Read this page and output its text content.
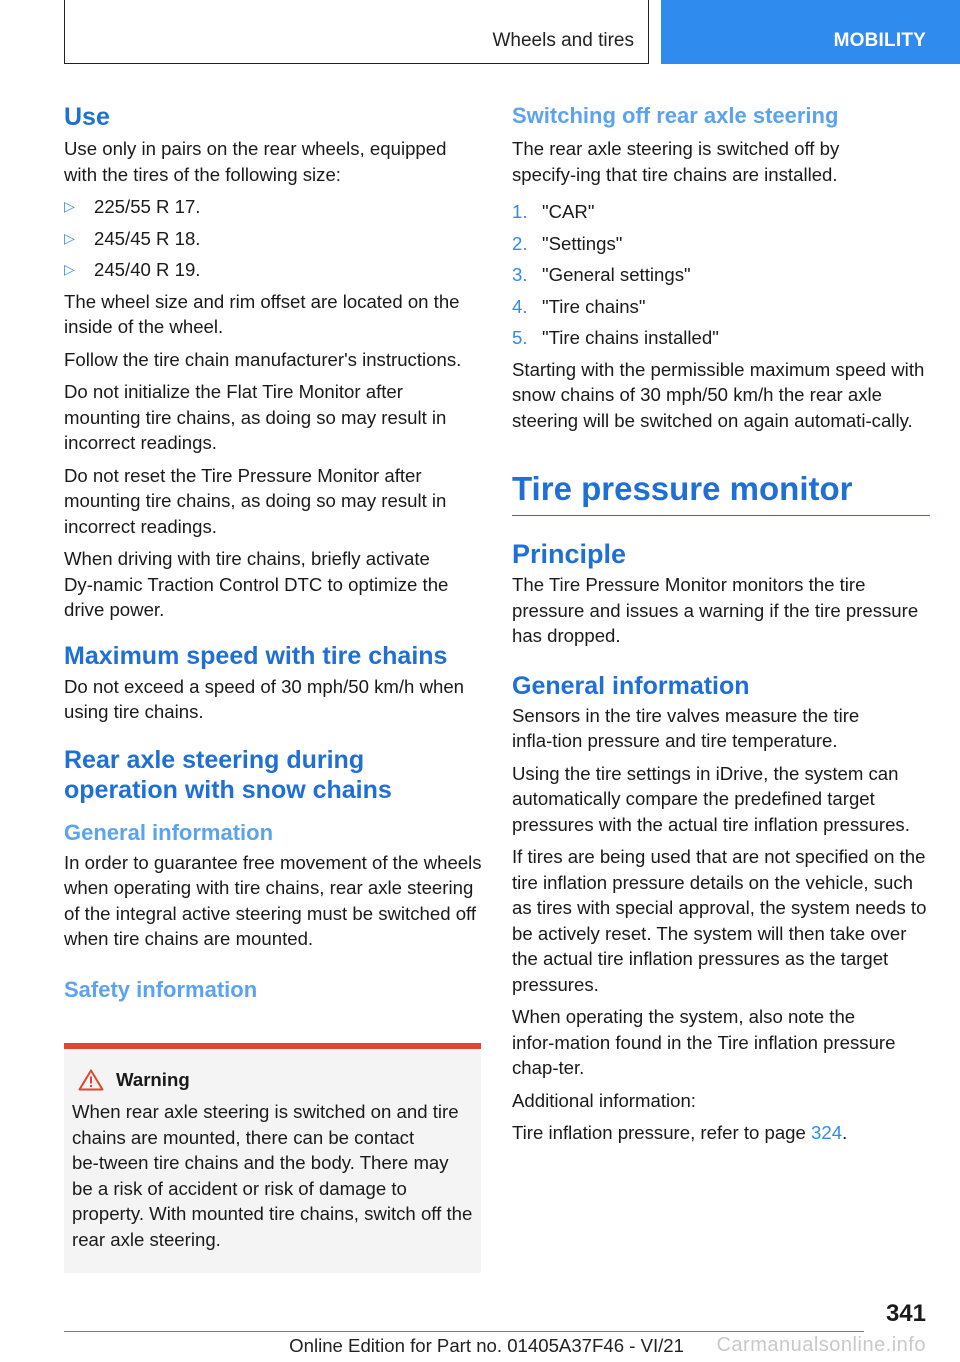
Wheels and tires	MOBILITY
Use

Use only in pairs on the rear wheels, equipped with the tires of the following size:

▷ 225/55 R 17.
▷ 245/45 R 18.
▷ 245/40 R 19.

The wheel size and rim offset are located on the inside of the wheel.

Follow the tire chain manufacturer's instructions.

Do not initialize the Flat Tire Monitor after mounting tire chains, as doing so may result in incorrect readings.

Do not reset the Tire Pressure Monitor after mounting tire chains, as doing so may result in incorrect readings.

When driving with tire chains, briefly activate Dy‑namic Traction Control DTC to optimize the drive power.

Maximum speed with tire chains

Do not exceed a speed of 30 mph/50 km/h when using tire chains.

Rear axle steering during operation with snow chains
General information

In order to guarantee free movement of the wheels when operating with tire chains, rear axle steering of the integral active steering must be switched off when tire chains are mounted.

Safety information
Warning

When rear axle steering is switched on and tire chains are mounted, there can be contact be‑tween tire chains and the body. There may be a risk of accident or risk of damage to property. With mounted tire chains, switch off the rear axle steering.

Switching off rear axle steering

The rear axle steering is switched off by specify‑ing that tire chains are installed.

1. "CAR"
2. "Settings"
3. "General settings"
4. "Tire chains"
5. "Tire chains installed"

Starting with the permissible maximum speed with snow chains of 30 mph/50 km/h the rear axle steering will be switched on again automati‑cally.

Tire pressure monitor
Principle

The Tire Pressure Monitor monitors the tire pressure and issues a warning if the tire pressure has dropped.

General information

Sensors in the tire valves measure the tire infla‑tion pressure and tire temperature.

Using the tire settings in iDrive, the system can automatically compare the predefined target pressures with the actual tire inflation pressures.

If tires are being used that are not specified on the tire inflation pressure details on the vehicle, such as tires with special approval, the system needs to be actively reset. The system will then take over the actual tire inflation pressures as the target pressures.

When operating the system, also note the infor‑mation found in the Tire inflation pressure chap‑ter.

Additional information:

Tire inflation pressure, refer to page 324.

341
Online Edition for Part no. 01405A37F46 - VI/21 Carmanualsonline.info
